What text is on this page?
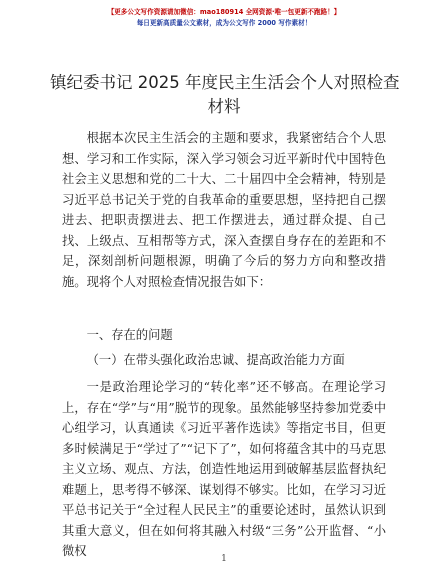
【更多公文写作资源请加微信：mao180914 全网资源·唯一包更新不跑路！】
每日更新高质量公文素材，成为公文写作 2000 写作素材！
镇纪委书记 2025 年度民主生活会个人对照检查
材料

根据本次民主生活会的主题和要求，我紧密结合个人思想、学习和工作实际，深入学习领会习近平新时代中国特色社会主义思想和党的二十大、二十届四中全会精神，特别是习近平总书记关于党的自我革命的重要思想，坚持把自己摆进去、把职责摆进去、把工作摆进去，通过群众提、自己找、上级点、互相帮等方式，深入查摆自身存在的差距和不足，深刻剖析问题根源，明确了今后的努力方向和整改措施。现将个人对照检查情况报告如下：

一、存在的问题

（一）在带头强化政治忠诚、提高政治能力方面

一是政治理论学习的“转化率”还不够高。在理论学习上，存在“学”与“用”脱节的现象。虽然能够坚持参加党委中心组学习，认真通读《习近平著作选读》等指定书目，但更多时候满足于“学过了”“记下了”，如何将蕴含其中的马克思主义立场、观点、方法，创造性地运用到破解基层监督执纪难题上，思考得不够深、谋划得不够实。比如，在学习习近平总书记关于“全过程人民民主”的重要论述时，虽然认识到其重大意义，但在如何将其融入村级“三务”公开监督、“小微权

1
